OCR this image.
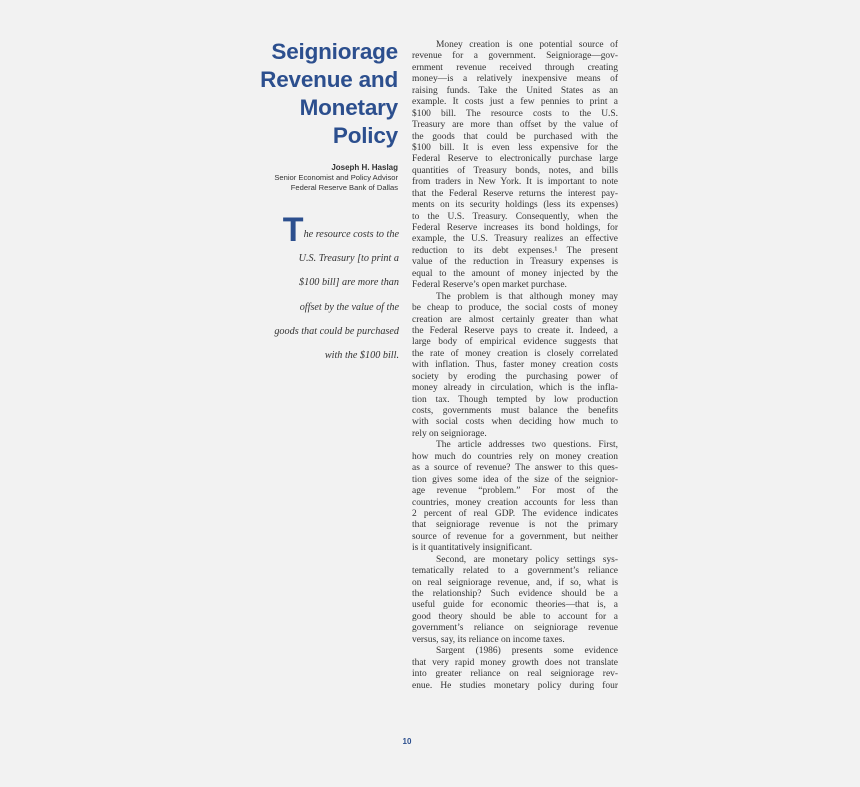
Seigniorage
Revenue and
Monetary Policy
Joseph H. Haslag
Senior Economist and Policy Advisor
Federal Reserve Bank of Dallas
The resource costs to the
U.S. Treasury [to print a
$100 bill] are more than
offset by the value of the
goods that could be purchased
with the $100 bill.
Money creation is one potential source of
revenue for a government. Seigniorage—gov-
ernment revenue received through creating
money—is a relatively inexpensive means of
raising funds. Take the United States as an
example. It costs just a few pennies to print a
$100 bill. The resource costs to the U.S.
Treasury are more than offset by the value of
the goods that could be purchased with the
$100 bill. It is even less expensive for the
Federal Reserve to electronically purchase large
quantities of Treasury bonds, notes, and bills
from traders in New York. It is important to note
that the Federal Reserve returns the interest pay-
ments on its security holdings (less its expenses)
to the U.S. Treasury. Consequently, when the
Federal Reserve increases its bond holdings, for
example, the U.S. Treasury realizes an effective
reduction to its debt expenses.¹ The present
value of the reduction in Treasury expenses is
equal to the amount of money injected by the
Federal Reserve’s open market purchase.
The problem is that although money may
be cheap to produce, the social costs of money
creation are almost certainly greater than what
the Federal Reserve pays to create it. Indeed, a
large body of empirical evidence suggests that
the rate of money creation is closely correlated
with inflation. Thus, faster money creation costs
society by eroding the purchasing power of
money already in circulation, which is the infla-
tion tax. Though tempted by low production
costs, governments must balance the benefits
with social costs when deciding how much to
rely on seigniorage.
The article addresses two questions. First,
how much do countries rely on money creation
as a source of revenue? The answer to this ques-
tion gives some idea of the size of the seignior-
age revenue “problem.” For most of the
countries, money creation accounts for less than
2 percent of real GDP. The evidence indicates
that seigniorage revenue is not the primary
source of revenue for a government, but neither
is it quantitatively insignificant.
Second, are monetary policy settings sys-
tematically related to a government’s reliance
on real seigniorage revenue, and, if so, what is
the relationship? Such evidence should be a
useful guide for economic theories—that is, a
good theory should be able to account for a
government’s reliance on seigniorage revenue
versus, say, its reliance on income taxes.
Sargent (1986) presents some evidence
that very rapid money growth does not translate
into greater reliance on real seigniorage rev-
enue. He studies monetary policy during four
10
